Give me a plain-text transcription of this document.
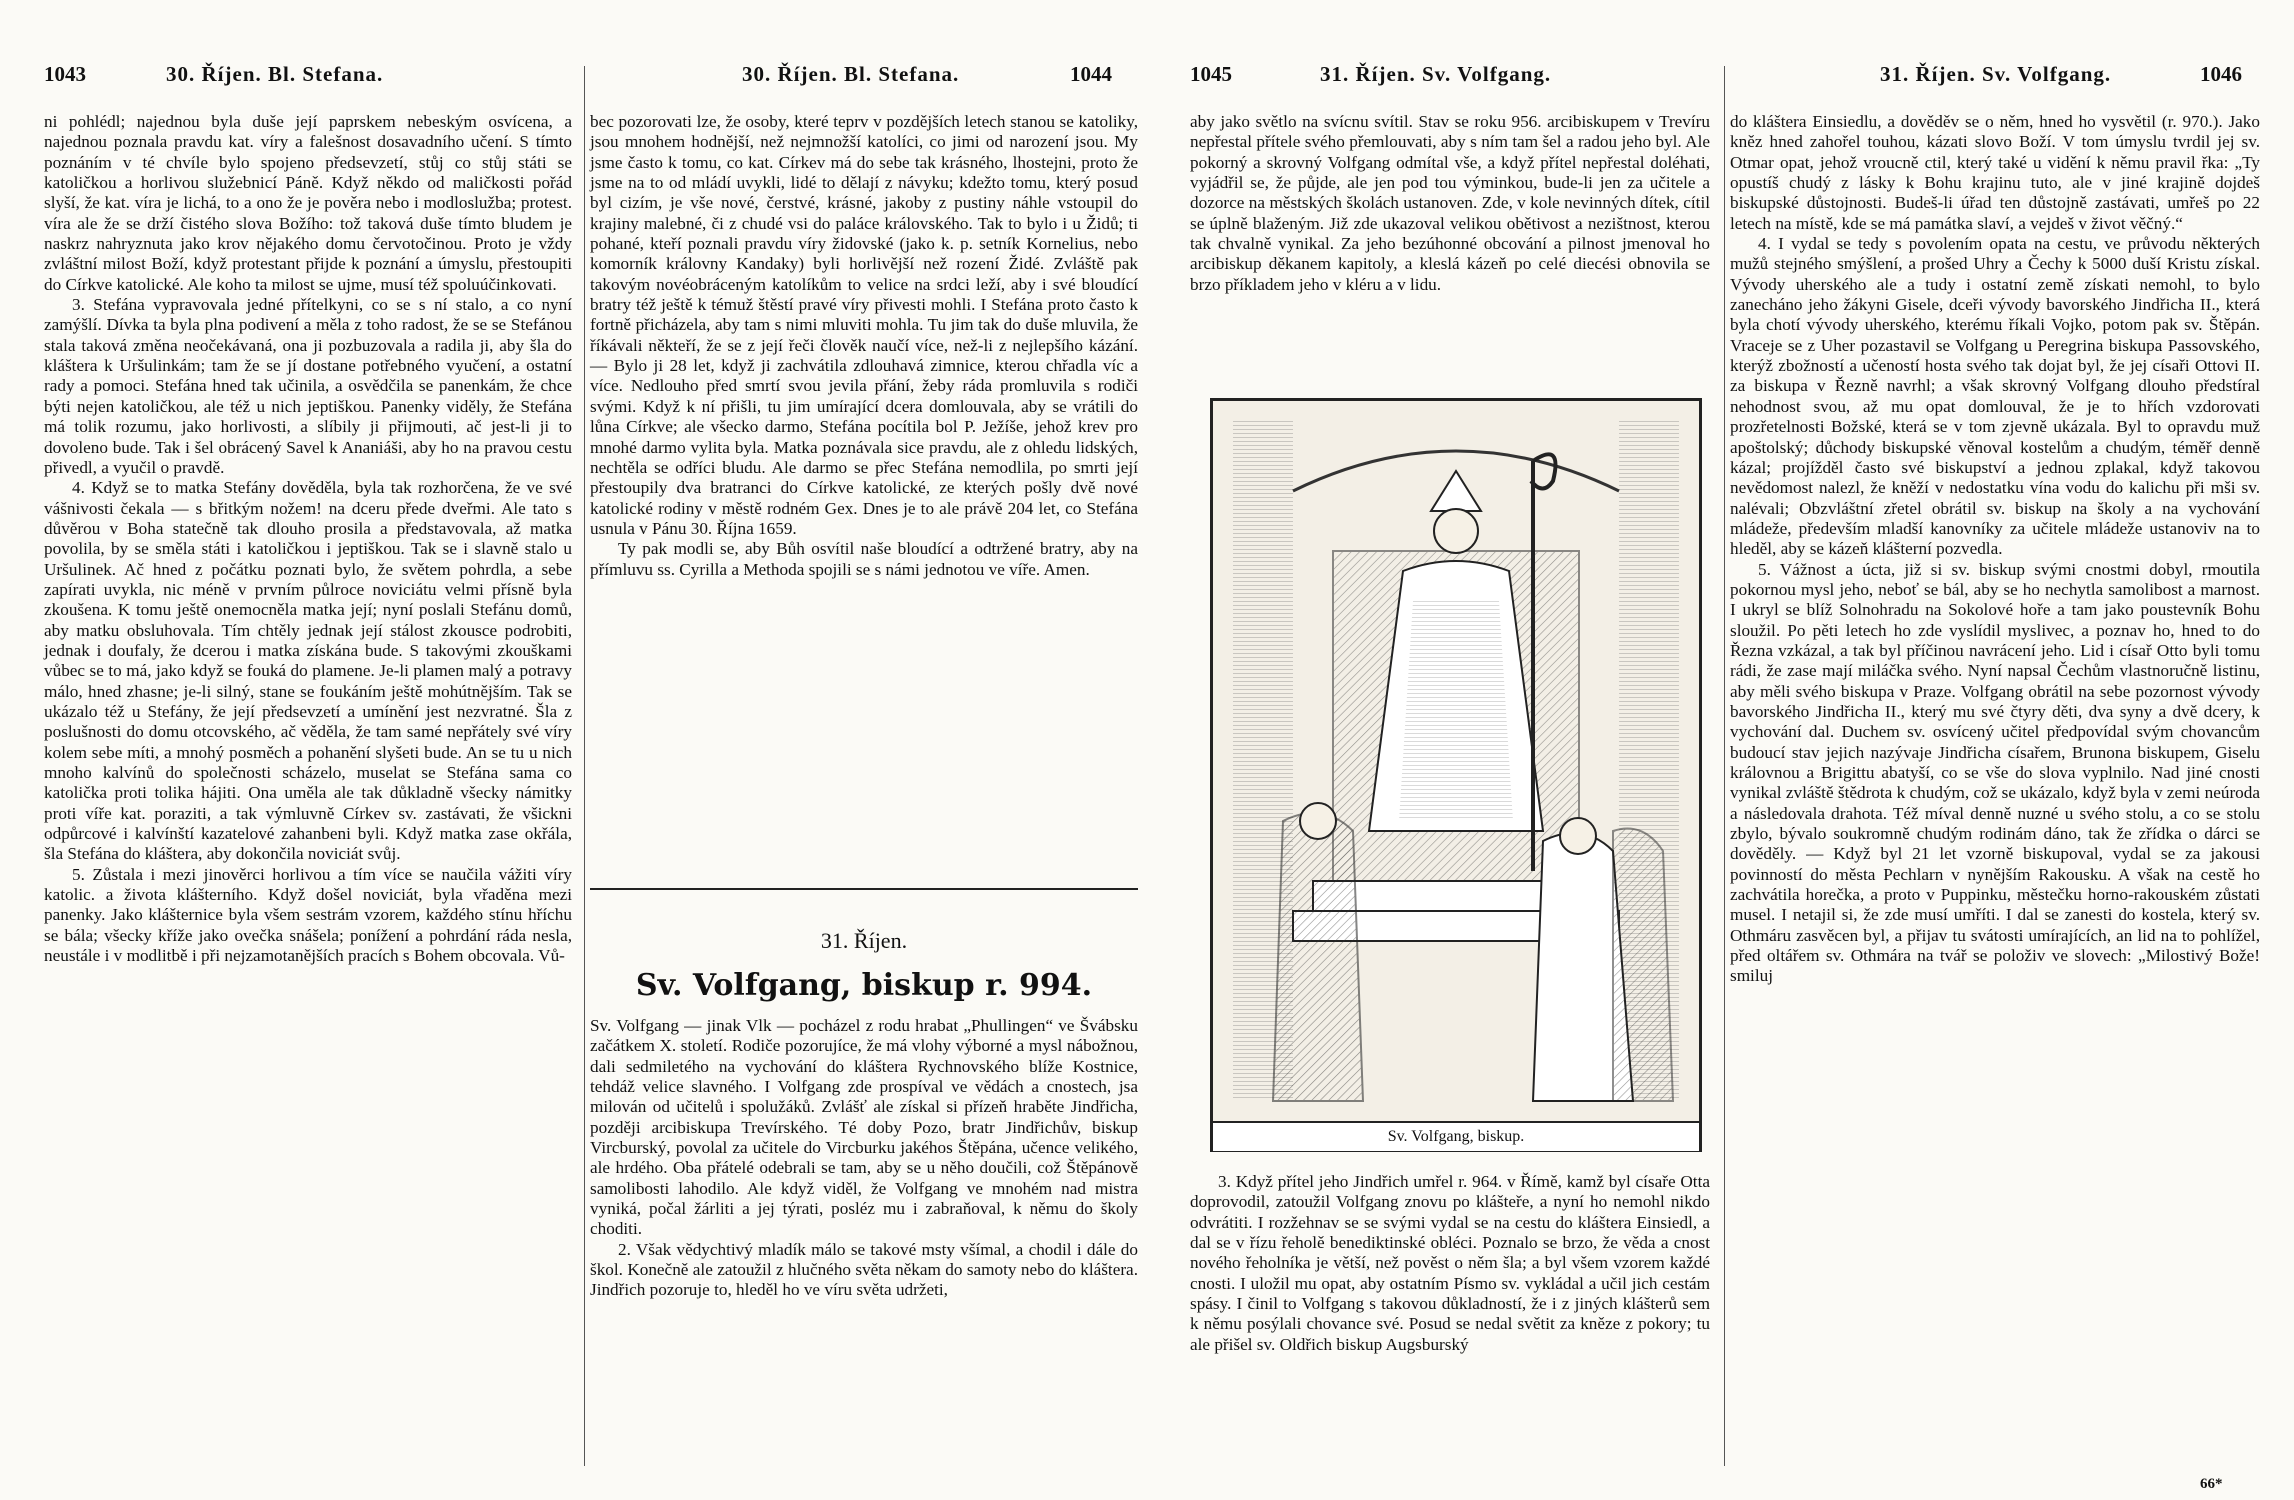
1043	30. Říjen. Bl. Stefana.

ni pohlédl; najednou byla duše její paprskem nebeským osvícena, a najednou poznala pravdu kat. víry a falešnost dosavadního učení. S tímto poznáním v té chvíle bylo spojeno předsevzetí, stůj co stůj státi se katoličkou a horlivou služebnicí Páně. Když někdo od maličkosti pořád slyší, že kat. víra je lichá, to a ono že je pověra nebo i modloslužba; protest. víra ale že se drží čistého slova Božího: tož taková duše tímto bludem je naskrz nahryznuta jako krov nějakého domu červotočinou. Proto je vždy zvláštní milost Boží, když protestant přijde k poznání a úmyslu, přestoupiti do Církve katolické. Ale koho ta milost se ujme, musí též spoluúčinkovati.

3. Stefána vypravovala jedné přítelkyni, co se s ní stalo, a co nyní zamýšlí. Dívka ta byla plna podivení a měla z toho radost, že se se Stefánou stala taková změna neočekávaná, ona ji pozbuzovala a radila ji, aby šla do kláštera k Uršulinkám; tam že se jí dostane potřebného vyučení, a ostatní rady a pomoci. Stefána hned tak učinila, a osvědčila se panenkám, že chce býti nejen katoličkou, ale též u nich jeptiškou. Panenky viděly, že Stefána má tolik rozumu, jako horlivosti, a slíbily ji přijmouti, ač jest-li ji to dovoleno bude. Tak i šel obrácený Savel k Ananiáši, aby ho na pravou cestu přivedl, a vyučil o pravdě.

4. Když se to matka Stefány dověděla, byla tak rozhorčena, že ve své vášnivosti čekala — s břitkým nožem! na dceru přede dveřmi. Ale tato s důvěrou v Boha statečně tak dlouho prosila a představovala, až matka povolila, by se směla státi i katoličkou i jeptiškou. Tak se i slavně stalo u Uršulinek. Ač hned z počátku poznati bylo, že světem pohrdla, a sebe zapírati uvykla, nic méně v prvním půlroce noviciátu velmi přísně byla zkoušena. K tomu ještě onemocněla matka její; nyní poslali Stefánu domů, aby matku obsluhovala. Tím chtěly jednak její stálost zkousce podrobiti, jednak i doufaly, že dcerou i matka získána bude. S takovými zkouškami vůbec se to má, jako když se fouká do plamene. Je-li plamen malý a potravy málo, hned zhasne; je-li silný, stane se foukáním ještě mohútnějším. Tak se ukázalo též u Stefány, že její předsevzetí a umínění jest nezvratné. Šla z poslušnosti do domu otcovského, ač věděla, že tam samé nepřátely své víry kolem sebe míti, a mnohý posměch a pohanění slyšeti bude. An se tu u nich mnoho kalvínů do společnosti scházelo, muselat se Stefána sama co katolička proti tolika hájiti. Ona uměla ale tak důkladně všecky námitky proti víře kat. poraziti, a tak výmluvně Církev sv. zastávati, že všickni odpůrcové i kalvínští kazatelové zahanbeni byli. Když matka zase okřála, šla Stefána do kláštera, aby dokončila noviciát svůj.

5. Zůstala i mezi jinověrci horlivou a tím více se naučila vážiti víry katolic. a života klášterního. Když došel noviciát, byla vřaděna mezi panenky. Jako klášternice byla všem sestrám vzorem, každého stínu hříchu se bála; všecky kříže jako ovečka snášela; ponížení a pohrdání ráda nesla, neustále i v modlitbě i při nejzamotanějších pracích s Bohem obcovala. Vů-

30. Říjen. Bl. Stefana.	1044

bec pozorovati lze, že osoby, které teprv v pozdějších letech stanou se katoliky, jsou mnohem hodnější, než nejmnožší katolíci, co jimi od narození jsou. My jsme často k tomu, co kat. Církev má do sebe tak krásného, lhostejni, proto že jsme na to od mládí uvykli, lidé to dělají z návyku; kdežto tomu, který posud byl cizím, je vše nové, čerstvé, krásné, jakoby z pustiny náhle vstoupil do krajiny malebné, či z chudé vsi do paláce královského. Tak to bylo i u Židů; ti pohané, kteří poznali pravdu víry židovské (jako k. p. setník Kornelius, nebo komorník královny Kandaky) byli horlivější než rození Židé. Zvláště pak takovým novéobráceným katolíkům to velice na srdci leží, aby i své bloudící bratry též ještě k témuž štěstí pravé víry přivesti mohli. I Stefána proto často k fortně přicházela, aby tam s nimi mluviti mohla. Tu jim tak do duše mluvila, že říkávali někteří, že se z její řeči člověk naučí více, než-li z nejlepšího kázání. — Bylo ji 28 let, když ji zachvátila zdlouhavá zimnice, kterou chřadla víc a více. Nedlouho před smrtí svou jevila přání, žeby ráda promluvila s rodiči svými. Když k ní přišli, tu jim umírající dcera domlouvala, aby se vrátili do lůna Církve; ale všecko darmo, Stefána pocítila bol P. Ježíše, jehož krev pro mnohé darmo vylita byla. Matka poznávala sice pravdu, ale z ohledu lidských, nechtěla se odříci bludu. Ale darmo se přec Stefána nemodlila, po smrti její přestoupily dva bratranci do Církve katolické, ze kterých pošly dvě nové katolické rodiny v městě rodném Gex. Dnes je to ale právě 204 let, co Stefána usnula v Pánu 30. Října 1659.

Ty pak modli se, aby Bůh osvítil naše bloudící a odtržené bratry, aby na přímluvu ss. Cyrilla a Methoda spojili se s námi jednotou ve víře. Amen.

31. Říjen.
Sv. Volfgang, biskup r. 994.

Sv. Volfgang — jinak Vlk — pocházel z rodu hrabat „Phullingen“ ve Švábsku začátkem X. století. Rodiče pozorujíce, že má vlohy výborné a mysl nábožnou, dali sedmiletého na vychování do kláštera Rychnovského blíže Kostnice, tehdáž velice slavného. I Volfgang zde prospíval ve vědách a cnostech, jsa milován od učitelů i spolužáků. Zvlášť ale získal si přízeň hraběte Jindřicha, později arcibiskupa Trevírského. Té doby Pozo, bratr Jindřichův, biskup Vircburský, povolal za učitele do Vircburku jakéhos Štěpána, učence velikého, ale hrdého. Oba přátelé odebrali se tam, aby se u něho doučili, což Štěpánově samolibosti lahodilo. Ale když viděl, že Volfgang ve mnohém nad mistra vyniká, počal žárliti a jej týrati, posléz mu i zabraňoval, k němu do školy choditi.

2. Však vědychtivý mladík málo se takové msty všímal, a chodil i dále do škol. Konečně ale zatoužil z hlučného světa někam do samoty nebo do kláštera. Jindřich pozoruje to, hleděl ho ve víru světa udržeti,

1045	31. Říjen. Sv. Volfgang.

aby jako světlo na svícnu svítil. Stav se roku 956. arcibiskupem v Trevíru nepřestal přítele svého přemlouvati, aby s ním tam šel a radou jeho byl. Ale pokorný a skrovný Volfgang odmítal vše, a když přítel nepřestal doléhati, vyjádřil se, že půjde, ale jen pod tou výminkou, bude-li jen za učitele a dozorce na městských školách ustanoven. Zde, v kole nevinných dítek, cítil se úplně blaženým. Již zde ukazoval velikou obětivost a nezištnost, kterou tak chvalně vynikal. Za jeho bezúhonné obcování a pilnost jmenoval ho arcibiskup děkanem kapitoly, a kleslá kázeň po celé diecési obnovila se brzo příkladem jeho v kléru a v lidu.

Sv. Volfgang, biskup.

3. Když přítel jeho Jindřich umřel r. 964. v Římě, kamž byl císaře Otta doprovodil, zatoužil Volfgang znovu po klášteře, a nyní ho nemohl nikdo odvrátiti. I rozžehnav se se svými vydal se na cestu do kláštera Einsiedl, a dal se v řízu řeholě benediktinské obléci. Poznalo se brzo, že věda a cnost nového řeholníka je větší, než pověst o něm šla; a byl všem vzorem každé cnosti. I uložil mu opat, aby ostatním Písmo sv. vykládal a učil jich cestám spásy. I činil to Volfgang s takovou důkladností, že i z jiných klášterů sem k němu posýlali chovance své. Posud se nedal světit za kněze z pokory; tu ale přišel sv. Oldřich biskup Augsburský

31. Říjen. Sv. Volfgang.	1046

do kláštera Einsiedlu, a dověděv se o něm, hned ho vysvětil (r. 970.). Jako kněz hned zahořel touhou, kázati slovo Boží. V tom úmyslu tvrdil jej sv. Otmar opat, jehož vroucně ctil, který také u vidění k němu pravil řka: „Ty opustíš chudý z lásky k Bohu krajinu tuto, ale v jiné krajině dojdeš biskupské důstojnosti. Budeš-li úřad ten důstojně zastávati, umřeš po 22 letech na místě, kde se má památka slaví, a vejdeš v život věčný.“

4. I vydal se tedy s povolením opata na cestu, ve průvodu některých mužů stejného smýšlení, a prošed Uhry a Čechy k 5000 duší Kristu získal. Vývody uherského ale a tudy i ostatní země získati nemohl, to bylo zanecháno jeho žákyni Gisele, dceři vývody bavorského Jindřicha II., která byla chotí vývody uherského, kterému říkali Vojko, potom pak sv. Štěpán. Vraceje se z Uher pozastavil se Volfgang u Peregrina biskupa Passovského, kterýž zbožností a učeností hosta svého tak dojat byl, že jej císaři Ottovi II. za biskupa v Řezně navrhl; a však skrovný Volfgang dlouho předstíral nehodnost svou, až mu opat domlouval, že je to hřích vzdorovati prozřetelnosti Božské, která se v tom zjevně ukázala. Byl to opravdu muž apoštolský; důchody biskupské věnoval kostelům a chudým, téměř denně kázal; projížděl často své biskupství a jednou zplakal, když takovou nevědomost nalezl, že kněží v nedostatku vína vodu do kalichu při mši sv. nalévali; Obzvláštní zřetel obrátil sv. biskup na školy a na vychování mládeže, především mladší kanovníky za učitele mládeže ustanoviv na to hleděl, aby se kázeň klášterní pozvedla.

5. Vážnost a úcta, již si sv. biskup svými cnostmi dobyl, rmoutila pokornou mysl jeho, neboť se bál, aby se ho nechytla samolibost a marnost. I ukryl se blíž Solnohradu na Sokolové hoře a tam jako poustevník Bohu sloužil. Po pěti letech ho zde vyslídil myslivec, a poznav ho, hned to do Řezna vzkázal, a tak byl příčinou navrácení jeho. Lid i císař Otto byli tomu rádi, že zase mají miláčka svého. Nyní napsal Čechům vlastnoručně listinu, aby měli svého biskupa v Praze. Volfgang obrátil na sebe pozornost vývody bavorského Jindřicha II., který mu své čtyry děti, dva syny a dvě dcery, k vychování dal. Duchem sv. osvícený učitel předpovídal svým chovancům budoucí stav jejich nazývaje Jindřicha císařem, Brunona biskupem, Giselu královnou a Brigittu abatyší, co se vše do slova vyplnilo. Nad jiné cnosti vynikal zvláště štědrota k chudým, což se ukázalo, když byla v zemi neúroda a následovala drahota. Též míval denně nuzné u svého stolu, a co se stolu zbylo, bývalo soukromně chudým rodinám dáno, tak že zřídka o dárci se dověděly. — Když byl 21 let vzorně biskupoval, vydal se za jakousi povinností do města Pechlarn v nynějším Rakousku. A však na cestě ho zachvátila horečka, a proto v Puppinku, městečku horno-rakouském zůstati musel. I netajil si, že zde musí umříti. I dal se zanesti do kostela, který sv. Othmáru zasvěcen byl, a přijav tu svátosti umírajících, an lid na to pohlížel, před oltářem sv. Othmára na tvář se položiv ve slovech: „Milostivý Bože! smiluj

66*
